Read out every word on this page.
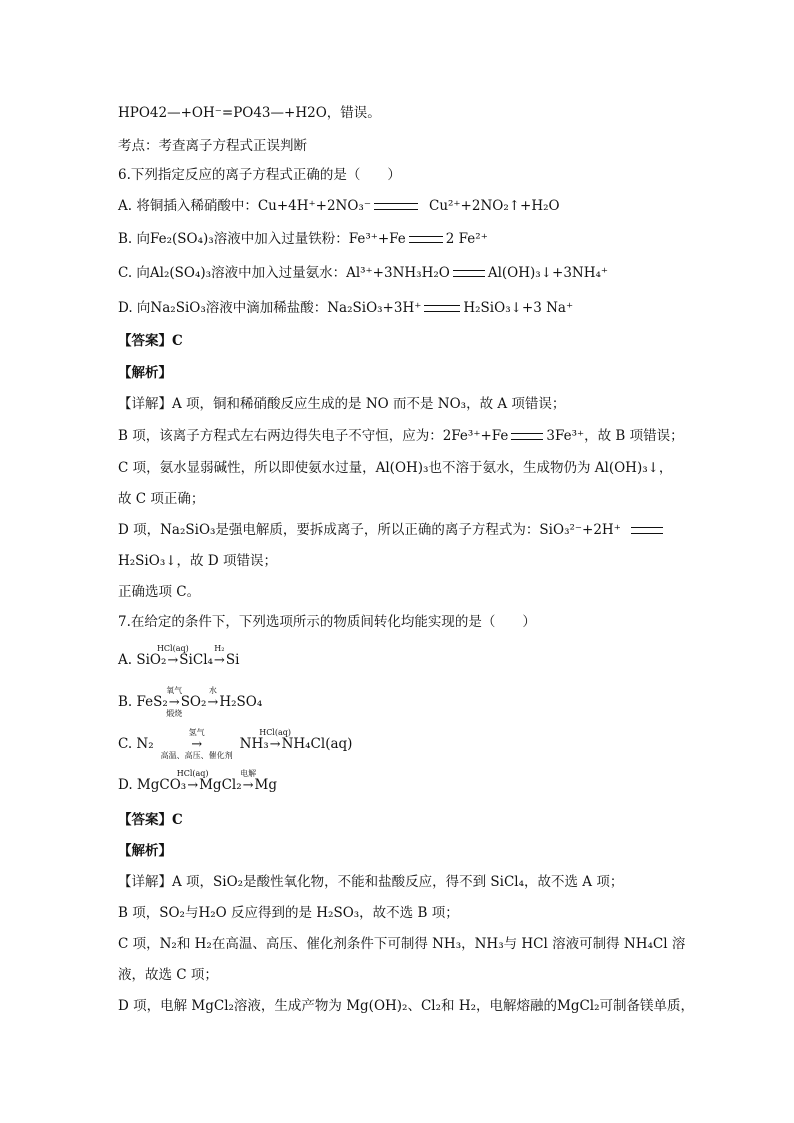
HPO42—+OH⁻=PO43—+H2O，错误。
考点：考查离子方程式正误判断
6.下列指定反应的离子方程式正确的是（　　）
A. 将铜插入稀硝酸中：Cu+4H⁺+2NO₃⁻	Cu²⁺+2NO₂↑+H₂O
B. 向Fe₂(SO₄)₃溶液中加入过量铁粉：Fe³⁺+Fe	2 Fe²⁺
C. 向Al₂(SO₄)₃溶液中加入过量氨水：Al³⁺+3NH₃H₂O	Al(OH)₃↓+3NH₄⁺
D. 向Na₂SiO₃溶液中滴加稀盐酸：Na₂SiO₃+3H⁺	H₂SiO₃↓+3 Na⁺
【答案】C
【解析】
【详解】A 项，铜和稀硝酸反应生成的是 NO 而不是 NO₃，故 A 项错误；
B 项，该离子方程式左右两边得失电子不守恒，应为：2Fe³⁺+Fe	3Fe³⁺，故 B 项错误；
C 项，氨水显弱碱性，所以即使氨水过量，Al(OH)₃也不溶于氨水，生成物仍为 Al(OH)₃↓，
故 C 项正确；
D 项，Na₂SiO₃是强电解质，要拆成离子，所以正确的离子方程式为：SiO₃²⁻+2H⁺
H₂SiO₃↓，故 D 项错误；
正确选项 C。
7.在给定的条件下，下列选项所示的物质间转化均能实现的是（　　）
A. SiO₂
HCl(aq)
→SiCl₄
H₂
→Si
B. FeS₂
氧气
→
煅烧
SO₂
水
→H₂SO₄
C. N₂
氢气
→
高温、高压、催化剂
NH₃
HCl(aq)
→NH₄Cl(aq)
D. MgCO₃
HCl(aq)
→MgCl₂
电解
→Mg
【答案】C
【解析】
【详解】A 项，SiO₂是酸性氧化物，不能和盐酸反应，得不到 SiCl₄，故不选 A 项；
B 项，SO₂与H₂O 反应得到的是 H₂SO₃，故不选 B 项；
C 项，N₂和 H₂在高温、高压、催化剂条件下可制得 NH₃，NH₃与 HCl 溶液可制得 NH₄Cl 溶
液，故选 C 项；
D 项，电解 MgCl₂溶液，生成产物为 Mg(OH)₂、Cl₂和 H₂，电解熔融的MgCl₂可制备镁单质，
